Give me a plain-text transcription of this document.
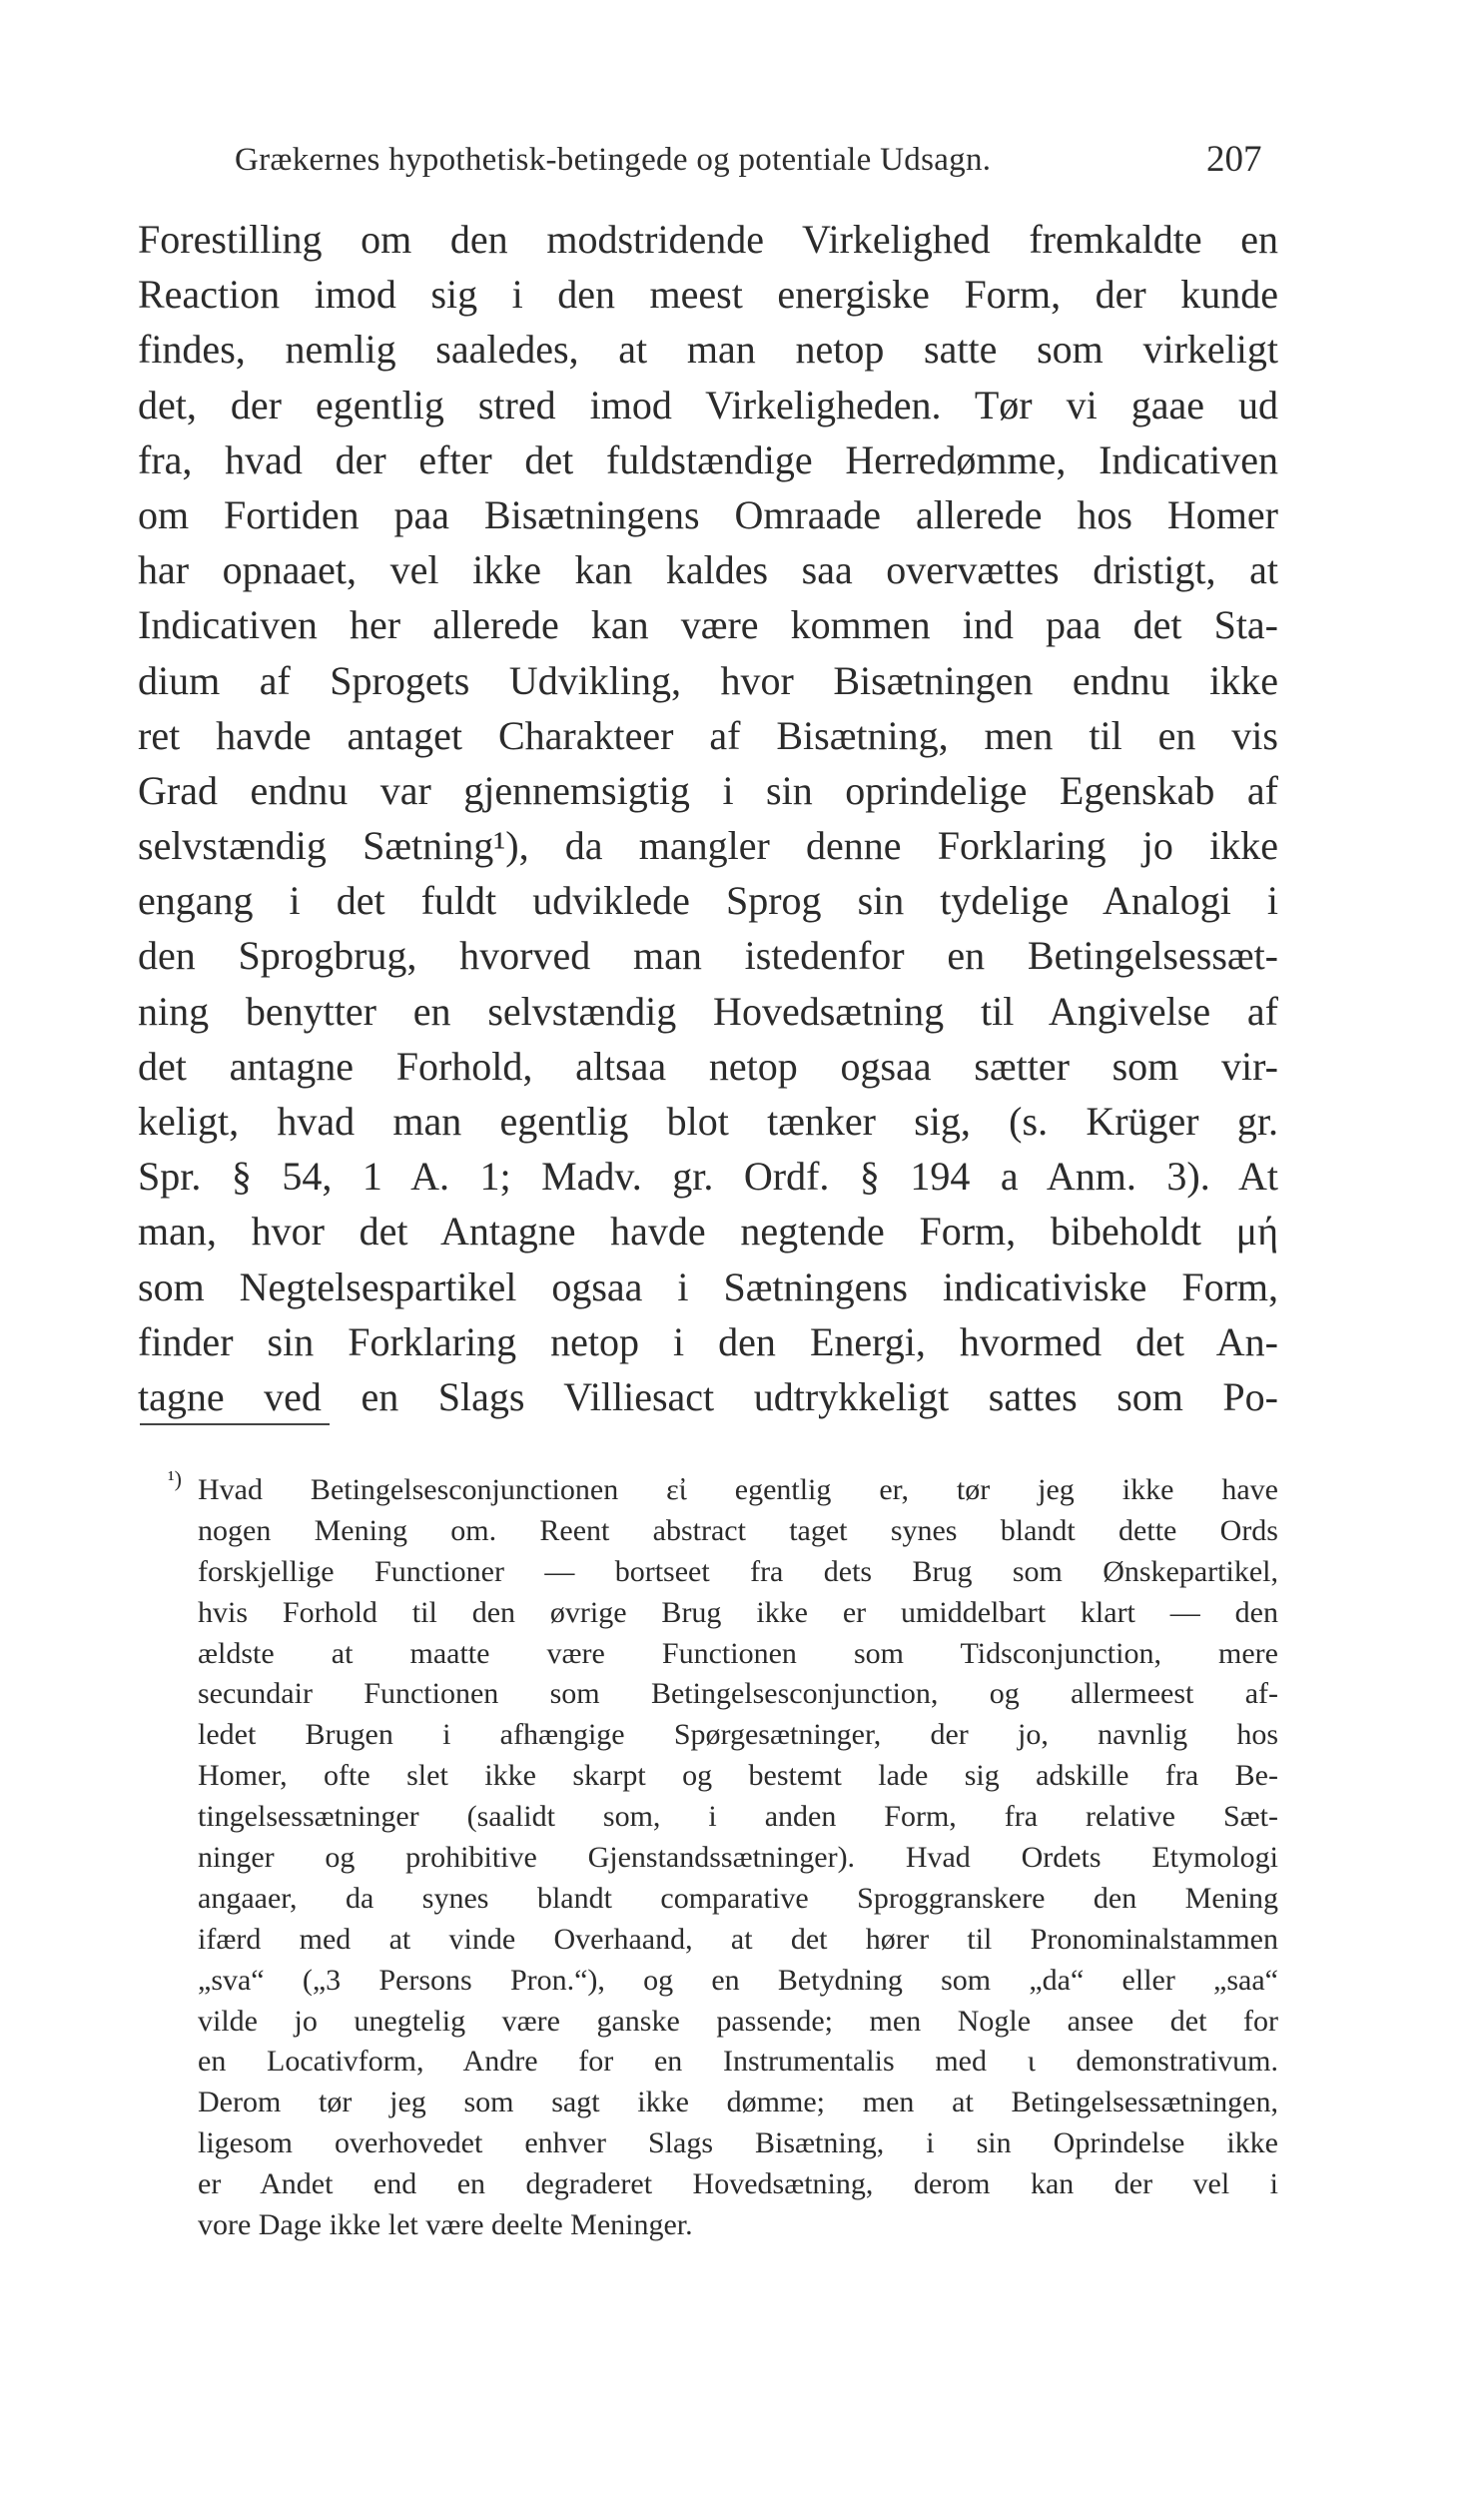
Grækernes hypothetisk-betingede og potentiale Udsagn.	207
Forestilling om den modstridende Virkelighed fremkaldte en
Reaction imod sig i den meest energiske Form, der kunde
findes, nemlig saaledes, at man netop satte som virkeligt
det, der egentlig stred imod Virkeligheden. Tør vi gaae ud
fra, hvad der efter det fuldstændige Herredømme, Indicativen
om Fortiden paa Bisætningens Omraade allerede hos Homer
har opnaaet, vel ikke kan kaldes saa overvættes dristigt, at
Indicativen her allerede kan være kommen ind paa det Sta-
dium af Sprogets Udvikling, hvor Bisætningen endnu ikke
ret havde antaget Charakteer af Bisætning, men til en vis
Grad endnu var gjennemsigtig i sin oprindelige Egenskab af
selvstændig Sætning¹), da mangler denne Forklaring jo ikke
engang i det fuldt udviklede Sprog sin tydelige Analogi i
den Sprogbrug, hvorved man istedenfor en Betingelsessæt-
ning benytter en selvstændig Hovedsætning til Angivelse af
det antagne Forhold, altsaa netop ogsaa sætter som vir-
keligt, hvad man egentlig blot tænker sig, (s. Krüger gr.
Spr. § 54, 1 A. 1; Madv. gr. Ordf. § 194 a Anm. 3). At
man, hvor det Antagne havde negtende Form, bibeholdt μή
som Negtelsespartikel ogsaa i Sætningens indicativiske Form,
finder sin Forklaring netop i den Energi, hvormed det An-
tagne ved en Slags Villiesact udtrykkeligt sattes som Po-
¹) Hvad Betingelsesconjunctionen εἰ egentlig er, tør jeg ikke have
nogen Mening om. Reent abstract taget synes blandt dette Ords
forskjellige Functioner — bortseet fra dets Brug som Ønskepartikel,
hvis Forhold til den øvrige Brug ikke er umiddelbart klart — den
ældste at maatte være Functionen som Tidsconjunction, mere
secundair Functionen som Betingelsesconjunction, og allermeest af-
ledet Brugen i afhængige Spørgesætninger, der jo, navnlig hos
Homer, ofte slet ikke skarpt og bestemt lade sig adskille fra Be-
tingelsessætninger (saalidt som, i anden Form, fra relative Sæt-
ninger og prohibitive Gjenstandssætninger). Hvad Ordets Etymologi
angaaer, da synes blandt comparative Sproggranskere den Mening
ifærd med at vinde Overhaand, at det hører til Pronominalstammen
„sva“ („3 Persons Pron.“), og en Betydning som „da“ eller „saa“
vilde jo unegtelig være ganske passende; men Nogle ansee det for
en Locativform, Andre for en Instrumentalis med ι demonstrativum.
Derom tør jeg som sagt ikke dømme; men at Betingelsessætningen,
ligesom overhovedet enhver Slags Bisætning, i sin Oprindelse ikke
er Andet end en degraderet Hovedsætning, derom kan der vel i
vore Dage ikke let være deelte Meninger.
